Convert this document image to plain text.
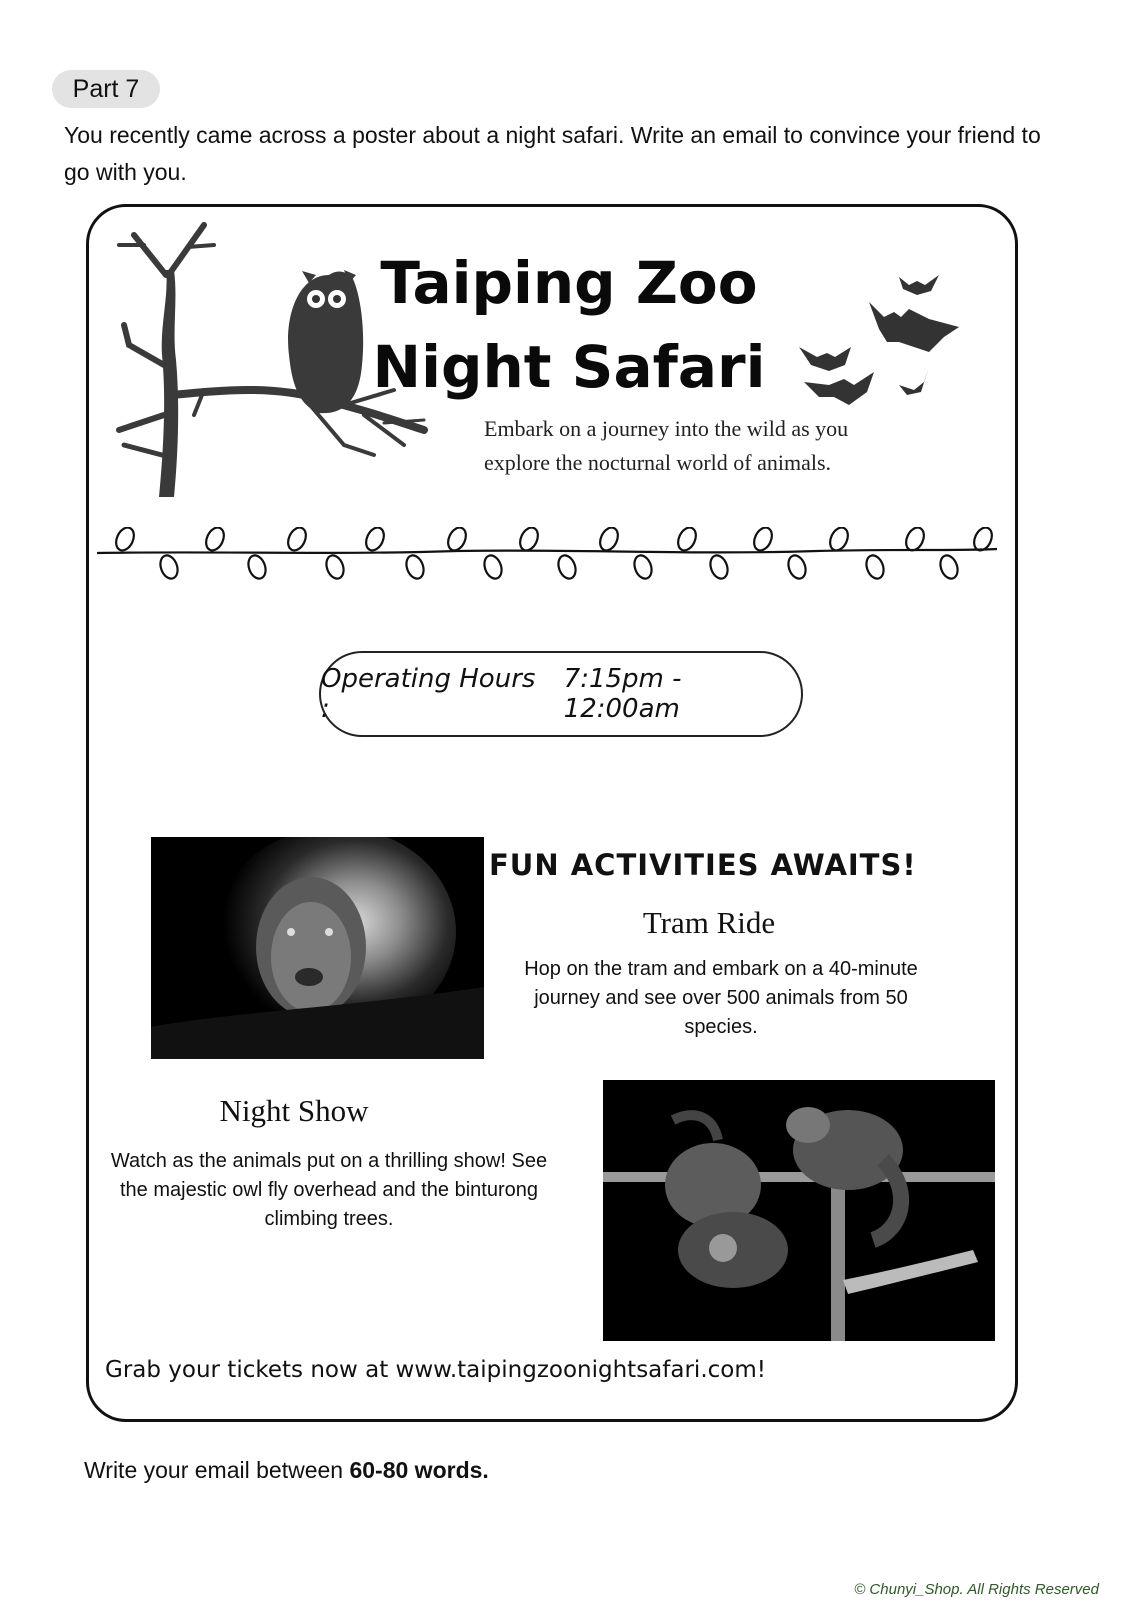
Part 7
You recently came across a poster about a night safari. Write an email to convince your friend to go with you.
Taiping Zoo
Night Safari
Embark on a journey into the wild as you
explore the nocturnal world of animals.
Operating Hours :
7:15pm - 12:00am
FUN ACTIVITIES AWAITS!
Tram Ride
Hop on the tram and embark on a 40-minute journey and see over 500 animals from 50 species.
Night Show
Watch as the animals put on a thrilling show! See the majestic owl fly overhead and the binturong climbing trees.
Grab your tickets now at www.taipingzoonightsafari.com!
Write your email between 60-80 words.
© Chunyi_Shop. All Rights Reserved
